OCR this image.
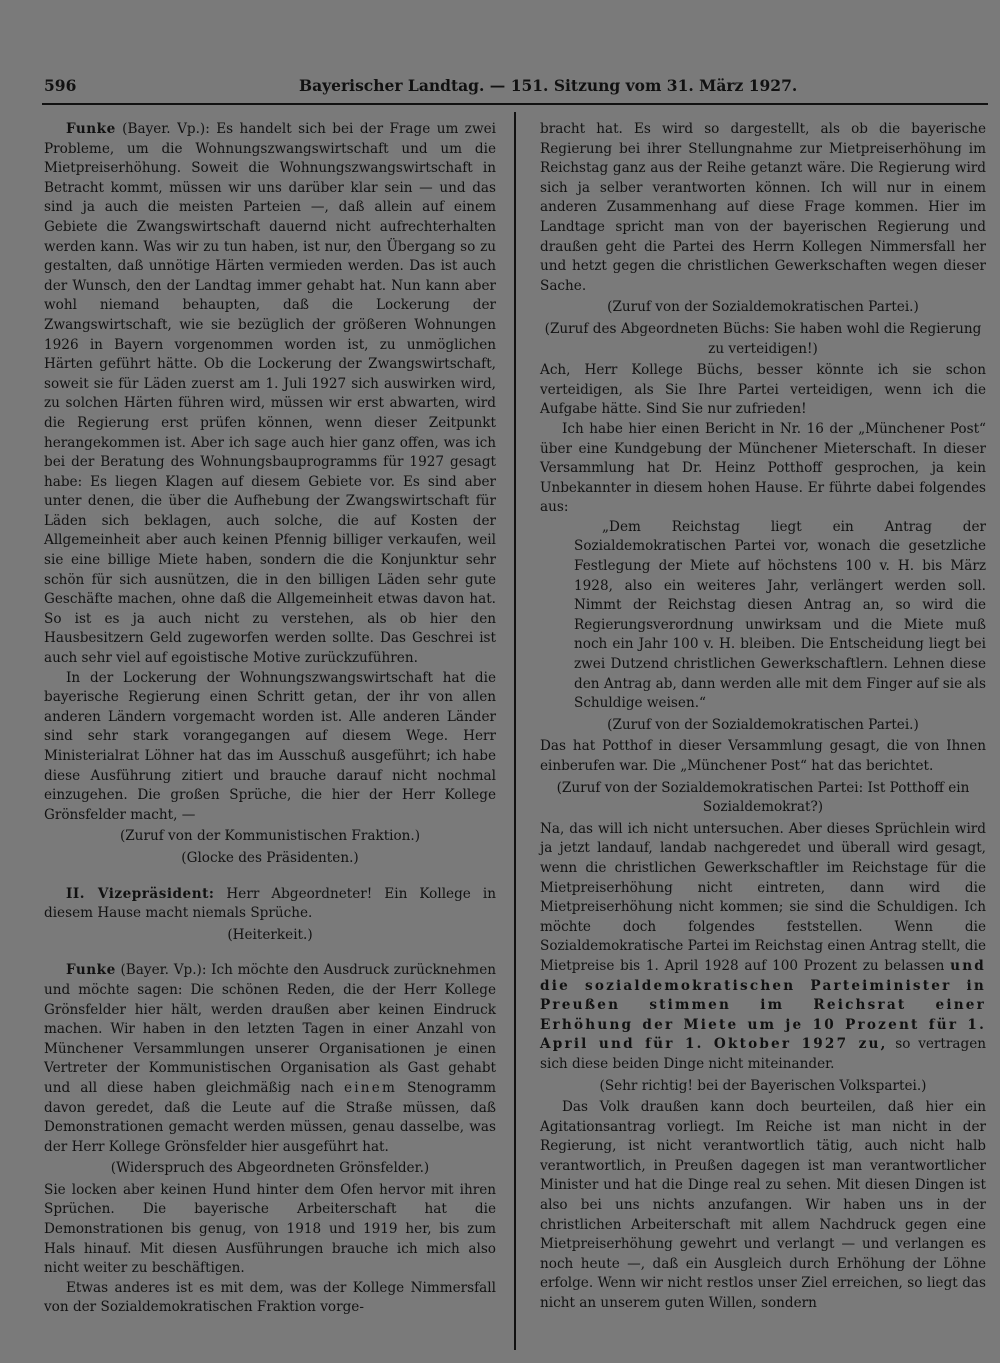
596	Bayerischer Landtag. — 151. Sitzung vom 31. März 1927.

Funke (Bayer. Vp.): Es handelt sich bei der Frage um zwei Probleme, um die Wohnungszwangswirtschaft und um die Mietpreiserhöhung. Soweit die Wohnungszwangswirtschaft in Betracht kommt, müssen wir uns darüber klar sein — und das sind ja auch die meisten Parteien —, daß allein auf einem Gebiete die Zwangswirtschaft dauernd nicht aufrechterhalten werden kann. Was wir zu tun haben, ist nur, den Übergang so zu gestalten, daß unnötige Härten vermieden werden. Das ist auch der Wunsch, den der Landtag immer gehabt hat. Nun kann aber wohl niemand behaupten, daß die Lockerung der Zwangswirtschaft, wie sie bezüglich der größeren Wohnungen 1926 in Bayern vorgenommen worden ist, zu unmöglichen Härten geführt hätte. Ob die Lockerung der Zwangswirtschaft, soweit sie für Läden zuerst am 1. Juli 1927 sich auswirken wird, zu solchen Härten führen wird, müssen wir erst abwarten, wird die Regierung erst prüfen können, wenn dieser Zeitpunkt herangekommen ist. Aber ich sage auch hier ganz offen, was ich bei der Beratung des Wohnungsbauprogramms für 1927 gesagt habe: Es liegen Klagen auf diesem Gebiete vor. Es sind aber unter denen, die über die Aufhebung der Zwangswirtschaft für Läden sich beklagen, auch solche, die auf Kosten der Allgemeinheit aber auch keinen Pfennig billiger verkaufen, weil sie eine billige Miete haben, sondern die die Konjunktur sehr schön für sich ausnützen, die in den billigen Läden sehr gute Geschäfte machen, ohne daß die Allgemeinheit etwas davon hat. So ist es ja auch nicht zu verstehen, als ob hier den Hausbesitzern Geld zugeworfen werden sollte. Das Geschrei ist auch sehr viel auf egoistische Motive zurückzuführen.

In der Lockerung der Wohnungszwangswirtschaft hat die bayerische Regierung einen Schritt getan, der ihr von allen anderen Ländern vorgemacht worden ist. Alle anderen Länder sind sehr stark vorangegangen auf diesem Wege. Herr Ministerialrat Löhner hat das im Ausschuß ausgeführt; ich habe diese Ausführung zitiert und brauche darauf nicht nochmal einzugehen. Die großen Sprüche, die hier der Herr Kollege Grönsfelder macht, —

(Zuruf von der Kommunistischen Fraktion.)

(Glocke des Präsidenten.)

II. Vizepräsident: Herr Abgeordneter! Ein Kollege in diesem Hause macht niemals Sprüche.

(Heiterkeit.)

Funke (Bayer. Vp.): Ich möchte den Ausdruck zurücknehmen und möchte sagen: Die schönen Reden, die der Herr Kollege Grönsfelder hier hält, werden draußen aber keinen Eindruck machen. Wir haben in den letzten Tagen in einer Anzahl von Münchener Versammlungen unserer Organisationen je einen Vertreter der Kommunistischen Organisation als Gast gehabt und all diese haben gleichmäßig nach einem Stenogramm davon geredet, daß die Leute auf die Straße müssen, daß Demonstrationen gemacht werden müssen, genau dasselbe, was der Herr Kollege Grönsfelder hier ausgeführt hat.

(Widerspruch des Abgeordneten Grönsfelder.)

Sie locken aber keinen Hund hinter dem Ofen hervor mit ihren Sprüchen. Die bayerische Arbeiterschaft hat die Demonstrationen bis genug, von 1918 und 1919 her, bis zum Hals hinauf. Mit diesen Ausführungen brauche ich mich also nicht weiter zu beschäftigen.

Etwas anderes ist es mit dem, was der Kollege Nimmersfall von der Sozialdemokratischen Fraktion vorge-

bracht hat. Es wird so dargestellt, als ob die bayerische Regierung bei ihrer Stellungnahme zur Mietpreiserhöhung im Reichstag ganz aus der Reihe getanzt wäre. Die Regierung wird sich ja selber verantworten können. Ich will nur in einem anderen Zusammenhang auf diese Frage kommen. Hier im Landtage spricht man von der bayerischen Regierung und draußen geht die Partei des Herrn Kollegen Nimmersfall her und hetzt gegen die christlichen Gewerkschaften wegen dieser Sache.

(Zuruf von der Sozialdemokratischen Partei.)

(Zuruf des Abgeordneten Büchs: Sie haben wohl die Regierung zu verteidigen!)

Ach, Herr Kollege Büchs, besser könnte ich sie schon verteidigen, als Sie Ihre Partei verteidigen, wenn ich die Aufgabe hätte. Sind Sie nur zufrieden!

Ich habe hier einen Bericht in Nr. 16 der „Münchener Post“ über eine Kundgebung der Münchener Mieterschaft. In dieser Versammlung hat Dr. Heinz Potthoff gesprochen, ja kein Unbekannter in diesem hohen Hause. Er führte dabei folgendes aus:

„Dem Reichstag liegt ein Antrag der Sozialdemokratischen Partei vor, wonach die gesetzliche Festlegung der Miete auf höchstens 100 v. H. bis März 1928, also ein weiteres Jahr, verlängert werden soll. Nimmt der Reichstag diesen Antrag an, so wird die Regierungsverordnung unwirksam und die Miete muß noch ein Jahr 100 v. H. bleiben. Die Entscheidung liegt bei zwei Dutzend christlichen Gewerkschaftlern. Lehnen diese den Antrag ab, dann werden alle mit dem Finger auf sie als Schuldige weisen.“

(Zuruf von der Sozialdemokratischen Partei.)

Das hat Potthof in dieser Versammlung gesagt, die von Ihnen einberufen war. Die „Münchener Post“ hat das berichtet.

(Zuruf von der Sozialdemokratischen Partei: Ist Potthoff ein Sozialdemokrat?)

Na, das will ich nicht untersuchen. Aber dieses Sprüchlein wird ja jetzt landauf, landab nachgeredet und überall wird gesagt, wenn die christlichen Gewerkschaftler im Reichstage für die Mietpreiserhöhung nicht eintreten, dann wird die Mietpreiserhöhung nicht kommen; sie sind die Schuldigen. Ich möchte doch folgendes feststellen. Wenn die Sozialdemokratische Partei im Reichstag einen Antrag stellt, die Mietpreise bis 1. April 1928 auf 100 Prozent zu belassen und die sozialdemokratischen Parteiminister in Preußen stimmen im Reichsrat einer Erhöhung der Miete um je 10 Prozent für 1. April und für 1. Oktober 1927 zu, so vertragen sich diese beiden Dinge nicht miteinander.

(Sehr richtig! bei der Bayerischen Volkspartei.)

Das Volk draußen kann doch beurteilen, daß hier ein Agitationsantrag vorliegt. Im Reiche ist man nicht in der Regierung, ist nicht verantwortlich tätig, auch nicht halb verantwortlich, in Preußen dagegen ist man verantwortlicher Minister und hat die Dinge real zu sehen. Mit diesen Dingen ist also bei uns nichts anzufangen. Wir haben uns in der christlichen Arbeiterschaft mit allem Nachdruck gegen eine Mietpreiserhöhung gewehrt und verlangt — und verlangen es noch heute —, daß ein Ausgleich durch Erhöhung der Löhne erfolge. Wenn wir nicht restlos unser Ziel erreichen, so liegt das nicht an unserem guten Willen, sondern
